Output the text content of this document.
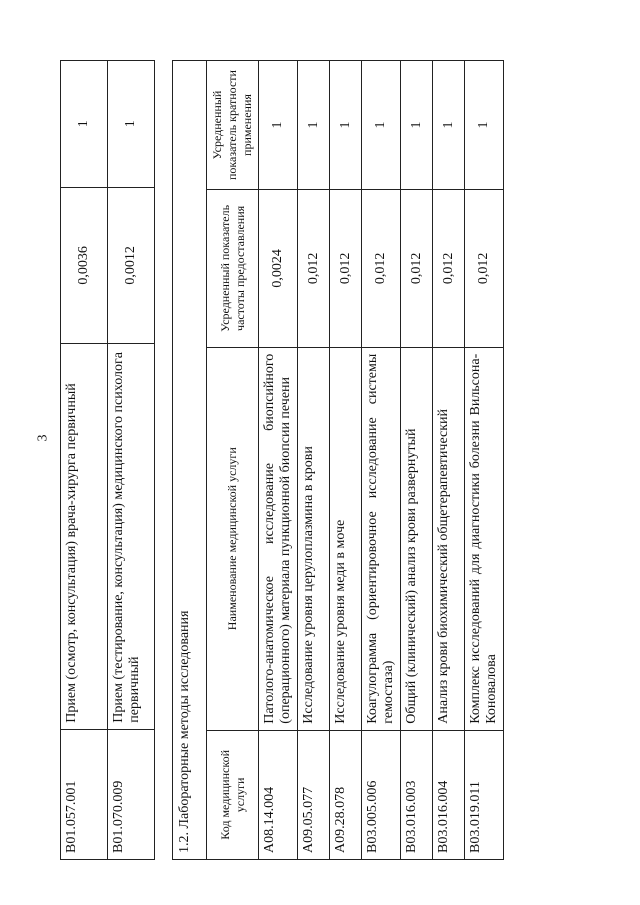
3
B01.057.001	Прием (осмотр, консультация) врача-хирурга первичный	0,0036	1
B01.070.009	Прием (тестирование, консультация) медицинского психолога первичный	0,0012	1
1.2. Лабораторные методы исследования			
Код медицинской услуги	Наименование медицинской услуги	Усредненный показатель частоты предоставления	Усредненный показатель кратности применения
A08.14.004	Патолого-анатомическое исследование биопсийного (операционного) материала пункционной биопсии печени	0,0024	1
A09.05.077	Исследование уровня церулоплазмина в крови	0,012	1
A09.28.078	Исследование уровня меди в моче	0,012	1
B03.005.006	Коагулограмма (ориентировочное исследование системы гемостаза)	0,012	1
B03.016.003	Общий (клинический) анализ крови развернутый	0,012	1
B03.016.004	Анализ крови биохимический общетерапевтический	0,012	1
B03.019.011	Комплекс исследований для диагностики болезни Вильсона-Коновалова	0,012	1
